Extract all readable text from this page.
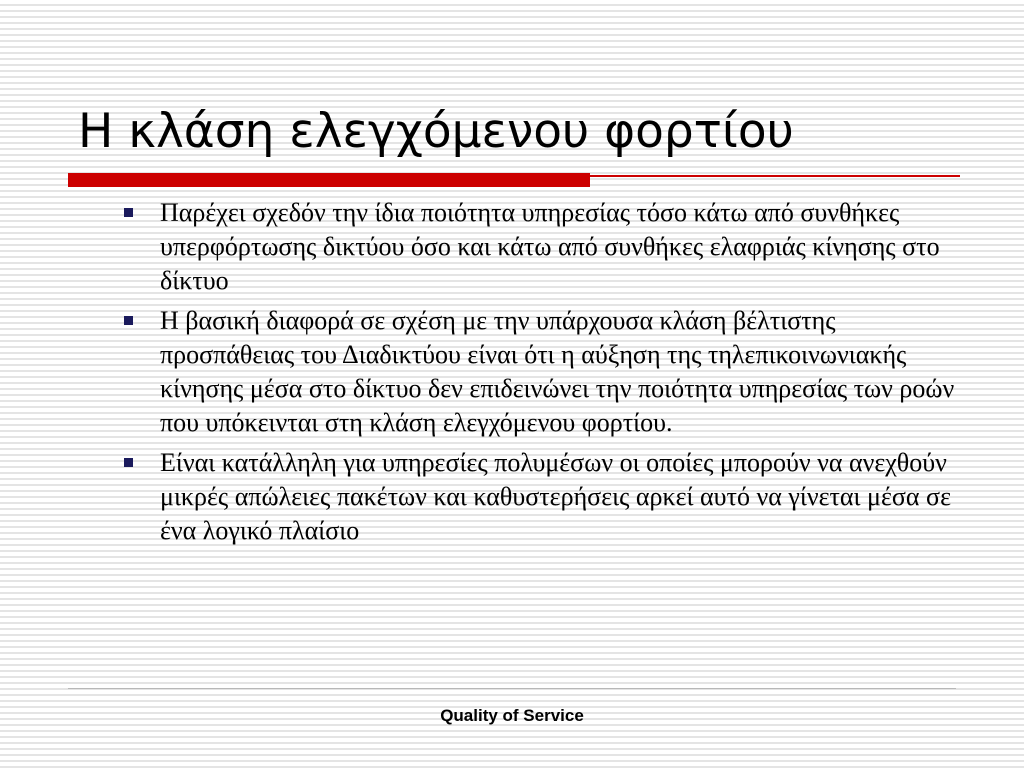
Η κλάση ελεγχόμενου φορτίου
Παρέχει σχεδόν την ίδια ποιότητα υπηρεσίας τόσο κάτω από συνθήκες υπερφόρτωσης δικτύου όσο και κάτω από συνθήκες ελαφριάς κίνησης στο δίκτυο
Η βασική διαφορά σε σχέση με την υπάρχουσα κλάση βέλτιστης προσπάθειας του Διαδικτύου είναι ότι η αύξηση της τηλεπικοινωνιακής κίνησης μέσα στο δίκτυο δεν επιδεινώνει την ποιότητα υπηρεσίας των ροών που υπόκεινται στη κλάση ελεγχόμενου φορτίου.
Είναι κατάλληλη για υπηρεσίες πολυμέσων οι οποίες μπορούν να ανεχθούν μικρές απώλειες πακέτων και καθυστερήσεις αρκεί αυτό να γίνεται μέσα σε ένα λογικό πλαίσιο
Quality of Service
